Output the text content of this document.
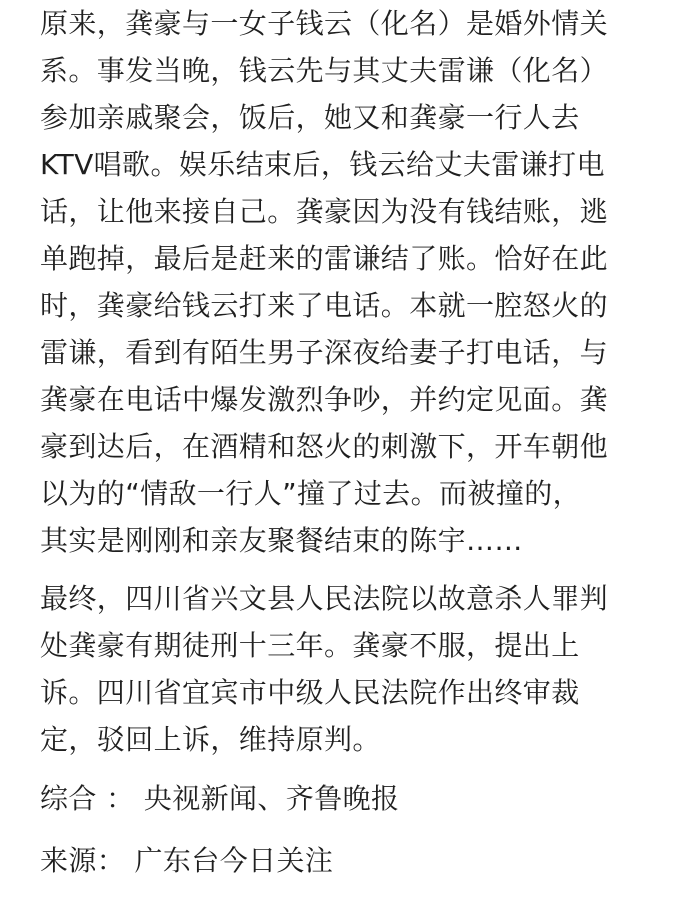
原来，龚豪与一女子钱云（化名）是婚外情关
系。事发当晚，钱云先与其丈夫雷谦（化名）
参加亲戚聚会，饭后，她又和龚豪一行人去
KTV唱歌。娱乐结束后，钱云给丈夫雷谦打电
话，让他来接自己。龚豪因为没有钱结账，逃
单跑掉，最后是赶来的雷谦结了账。恰好在此
时，龚豪给钱云打来了电话。本就一腔怒火的
雷谦，看到有陌生男子深夜给妻子打电话，与
龚豪在电话中爆发激烈争吵，并约定见面。龚
豪到达后，在酒精和怒火的刺激下，开车朝他
以为的“情敌一行人”撞了过去。而被撞的，
其实是刚刚和亲友聚餐结束的陈宇……

最终，四川省兴文县人民法院以故意杀人罪判
处龚豪有期徒刑十三年。龚豪不服，提出上
诉。四川省宜宾市中级人民法院作出终审裁
定，驳回上诉，维持原判。

综合 ： 央视新闻、齐鲁晚报

来源： 广东台今日关注
